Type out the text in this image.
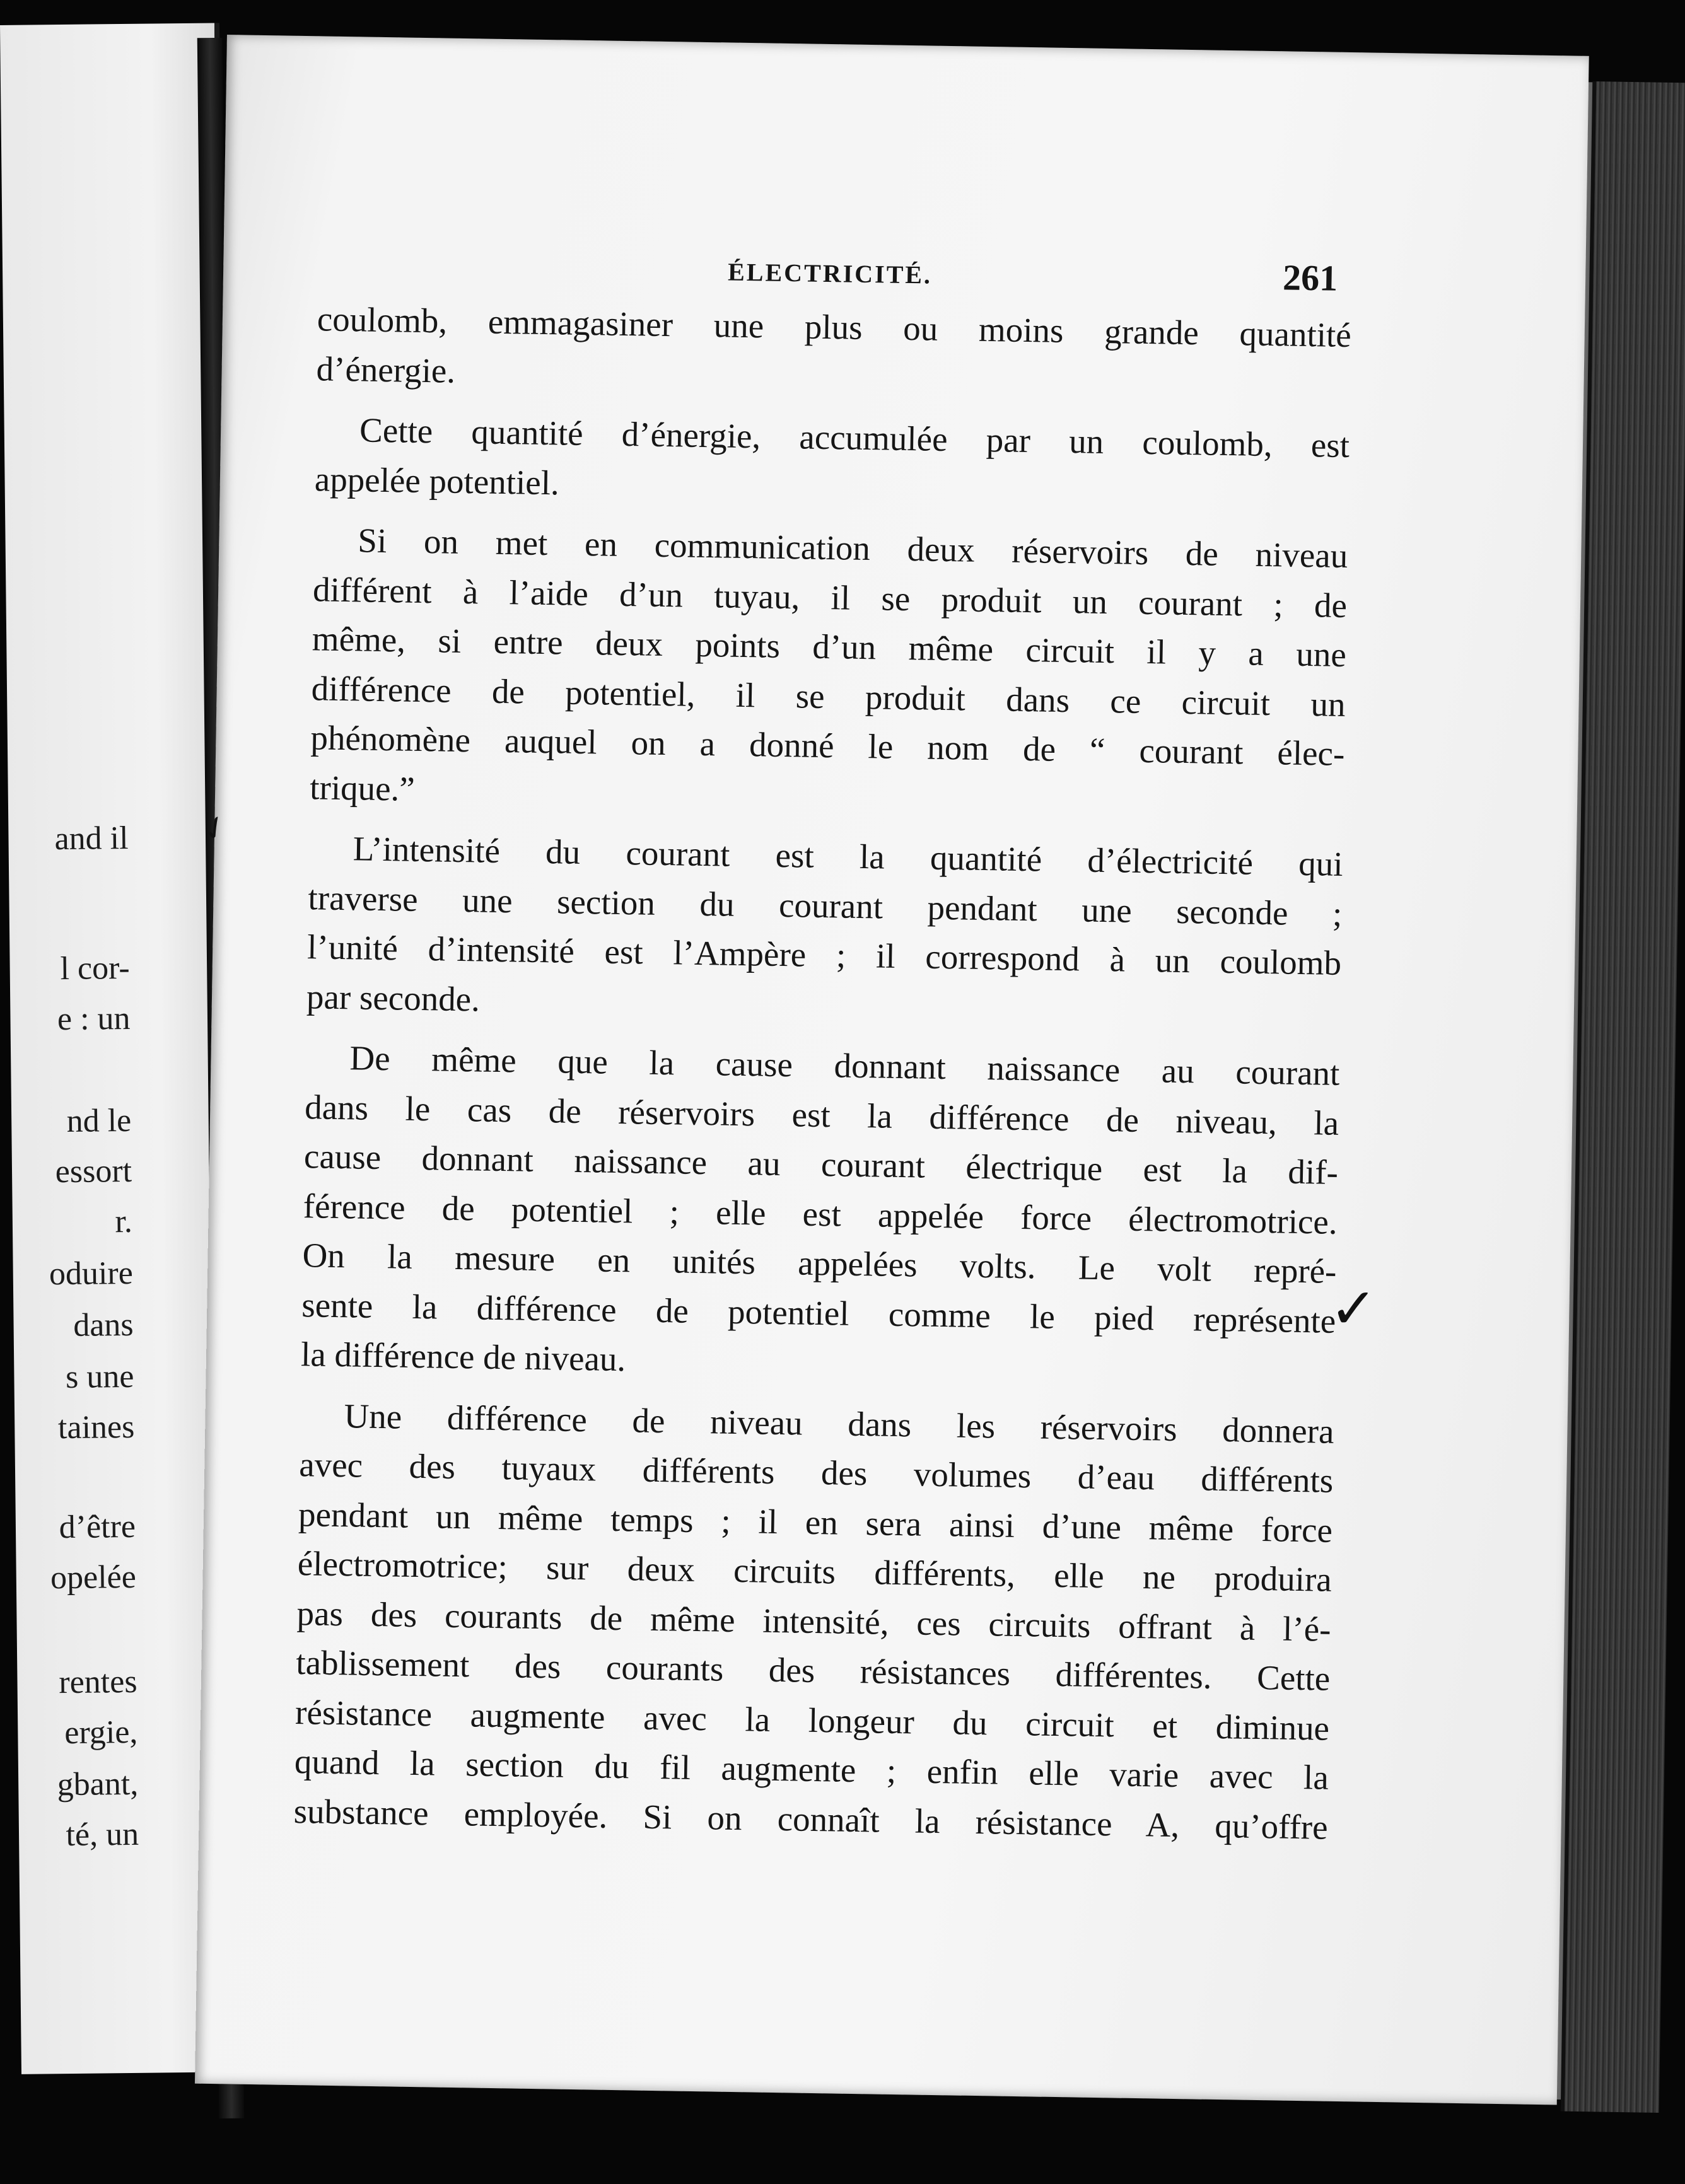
and il
l cor-
e : un
nd le
essort
r.
oduire
dans
s une
taines
d’être
opelée
rentes
ergie,
gbant,
té, un
ÉLECTRICITÉ.	261
coulomb, emmagasiner une plus ou moins grande quantité
d’énergie.
Cette quantité d’énergie, accumulée par un coulomb, est
appelée potentiel.
Si on met en communication deux réservoirs de niveau
différent à l’aide d’un tuyau, il se produit un courant ; de
même, si entre deux points d’un même circuit il y a une
différence de potentiel, il se produit dans ce circuit un
phénomène auquel on a donné le nom de “ courant élec-
trique.”
L’intensité du courant est la quantité d’électricité qui
traverse une section du courant pendant une seconde ;
l’unité d’intensité est l’Ampère ; il correspond à un coulomb
par seconde.
De même que la cause donnant naissance au courant
dans le cas de réservoirs est la différence de niveau, la
cause donnant naissance au courant électrique est la dif-
férence de potentiel ; elle est appelée force électromotrice.
On la mesure en unités appelées volts. Le volt repré-
sente la différence de potentiel comme le pied représente
la différence de niveau.
Une différence de niveau dans les réservoirs donnera
avec des tuyaux différents des volumes d’eau différents
pendant un même temps ; il en sera ainsi d’une même force
électromotrice; sur deux circuits différents, elle ne produira
pas des courants de même intensité, ces circuits offrant à l’é-
tablissement des courants des résistances différentes. Cette
résistance augmente avec la longeur du circuit et diminue
quand la section du fil augmente ; enfin elle varie avec la
substance employée. Si on connaît la résistance A, qu’offre
✓
✓
